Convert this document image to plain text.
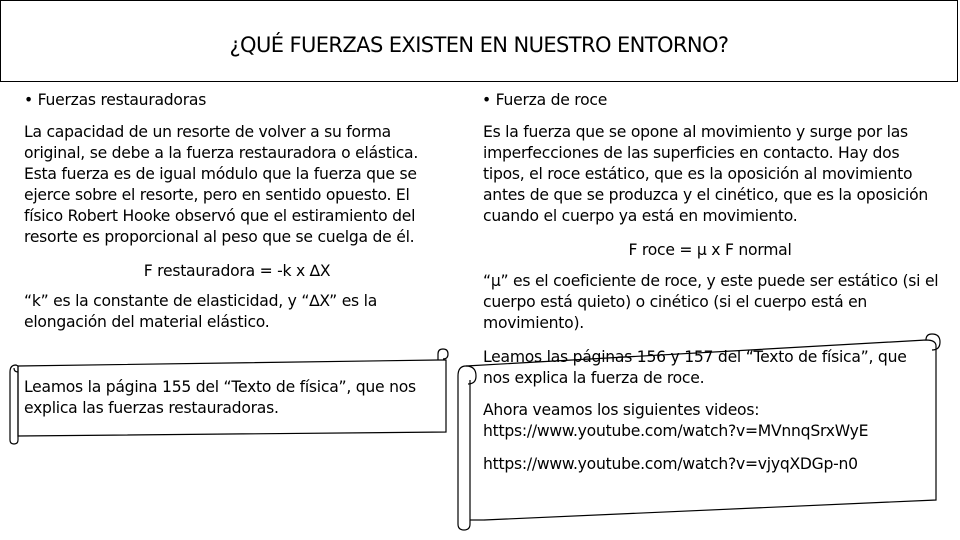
¿QUÉ FUERZAS EXISTEN EN NUESTRO ENTORNO?
• Fuerzas restauradoras
La capacidad de un resorte de volver a su forma original, se debe a la fuerza restauradora o elástica. Esta fuerza es de igual módulo que la fuerza que se ejerce sobre el resorte, pero en sentido opuesto. El físico Robert Hooke observó que el estiramiento del resorte es proporcional al peso que se cuelga de él.
F restauradora = -k x ∆X
“k” es la constante de elasticidad, y “∆X” es la elongación del material elástico.
Leamos la página 155 del “Texto de física”, que nos explica las fuerzas restauradoras.
• Fuerza de roce
Es la fuerza que se opone al movimiento y surge por las imperfecciones de las superficies en contacto. Hay dos tipos, el roce estático, que es la oposición al movimiento antes de que se produzca y el cinético, que es la oposición cuando el cuerpo ya está en movimiento.
F roce = µ x F normal
“µ” es el coeficiente de roce, y este puede ser estático (si el cuerpo está quieto) o cinético (si el cuerpo está en movimiento).
Leamos las páginas 156 y 157 del “Texto de física”, que nos explica la fuerza de roce.
Ahora veamos los siguientes videos:
https://www.youtube.com/watch?v=MVnnqSrxWyE
https://www.youtube.com/watch?v=vjyqXDGp-n0
